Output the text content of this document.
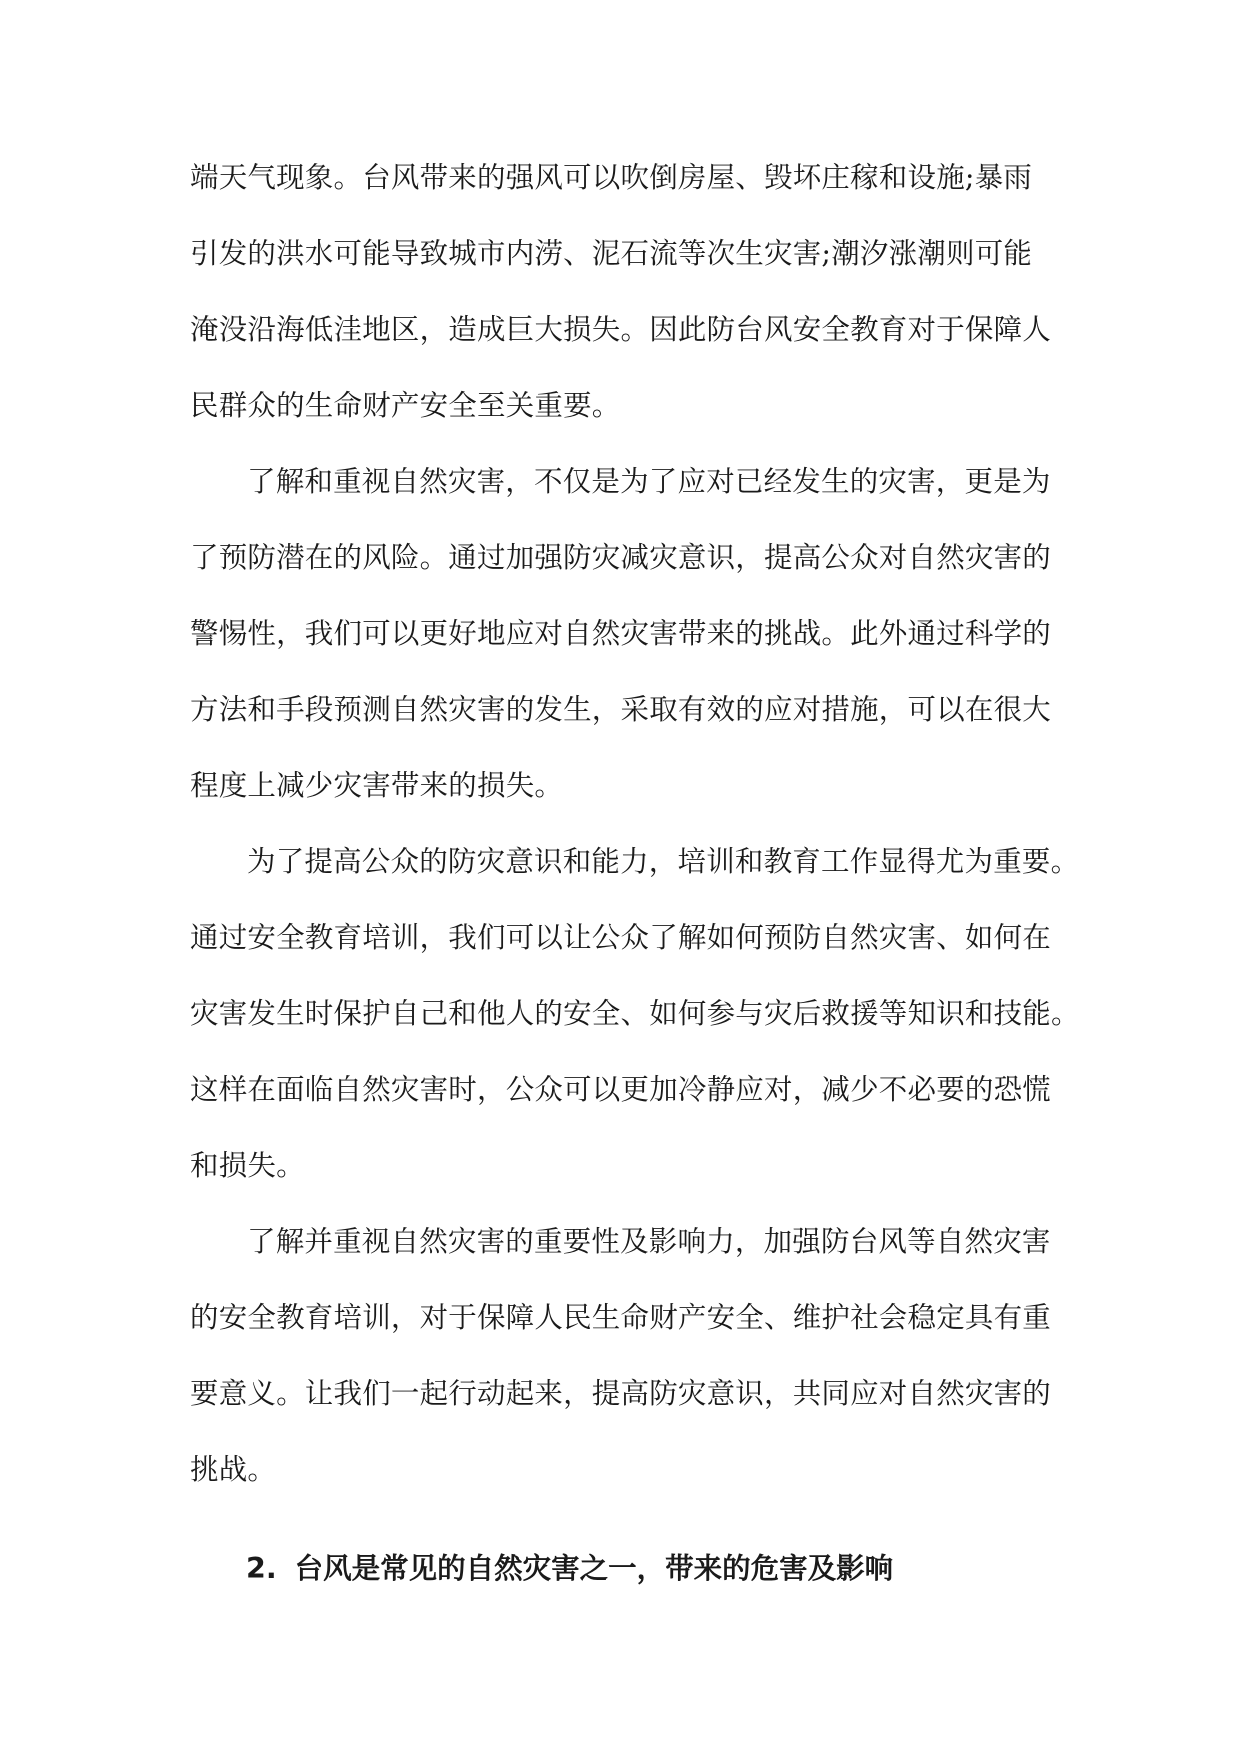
端天气现象。台风带来的强风可以吹倒房屋、毁坏庄稼和设施;暴雨
引发的洪水可能导致城市内涝、泥石流等次生灾害;潮汐涨潮则可能
淹没沿海低洼地区，造成巨大损失。因此防台风安全教育对于保障人
民群众的生命财产安全至关重要。
了解和重视自然灾害，不仅是为了应对已经发生的灾害，更是为
了预防潜在的风险。通过加强防灾减灾意识，提高公众对自然灾害的
警惕性，我们可以更好地应对自然灾害带来的挑战。此外通过科学的
方法和手段预测自然灾害的发生，采取有效的应对措施，可以在很大
程度上减少灾害带来的损失。
为了提高公众的防灾意识和能力，培训和教育工作显得尤为重要。
通过安全教育培训，我们可以让公众了解如何预防自然灾害、如何在
灾害发生时保护自己和他人的安全、如何参与灾后救援等知识和技能。
这样在面临自然灾害时，公众可以更加冷静应对，减少不必要的恐慌
和损失。
了解并重视自然灾害的重要性及影响力，加强防台风等自然灾害
的安全教育培训，对于保障人民生命财产安全、维护社会稳定具有重
要意义。让我们一起行动起来，提高防灾意识，共同应对自然灾害的
挑战。
2. 台风是常见的自然灾害之一，带来的危害及影响
